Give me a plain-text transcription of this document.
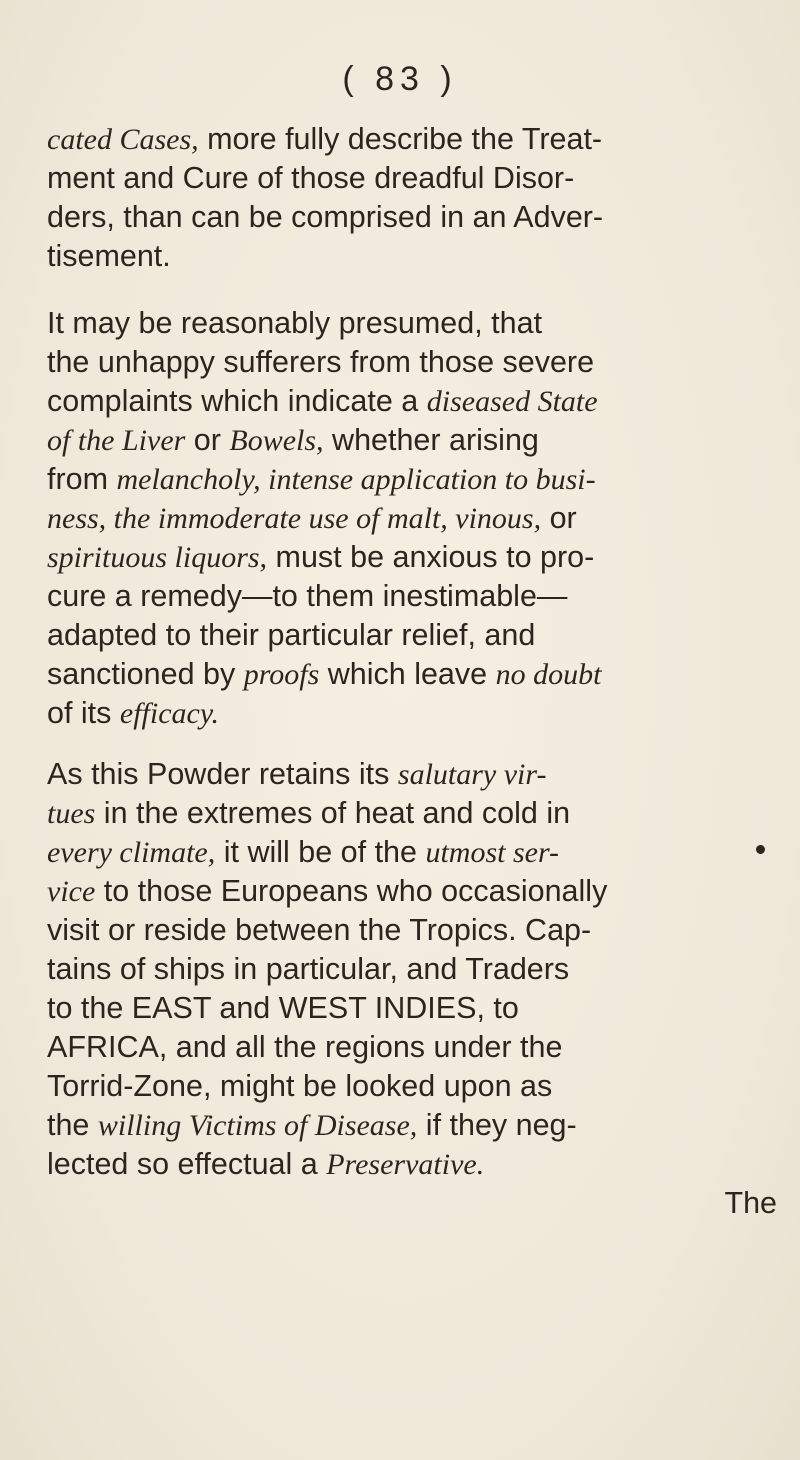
( 83 )
cated Cases, more fully describe the Treat-
ment and Cure of those dreadful Disor-
ders, than can be comprised in an Adver-
tisement.
It may be reasonably presumed, that
the unhappy sufferers from those severe
complaints which indicate a diseased State
of the Liver or Bowels, whether arising
from melancholy, intense application to busi-
ness, the immoderate use of malt, vinous, or
spirituous liquors, must be anxious to pro-
cure a remedy—to them inestimable—
adapted to their particular relief, and
sanctioned by proofs which leave no doubt
of its efficacy.
As this Powder retains its salutary vir-
tues in the extremes of heat and cold in
every climate, it will be of the utmost ser-
vice to those Europeans who occasionally
visit or reside between the Tropics. Cap-
tains of ships in particular, and Traders
to the EAST and WEST INDIES, to
AFRICA, and all the regions under the
Torrid-Zone, might be looked upon as
the willing Victims of Disease, if they neg-
lected so effectual a Preservative.
The
